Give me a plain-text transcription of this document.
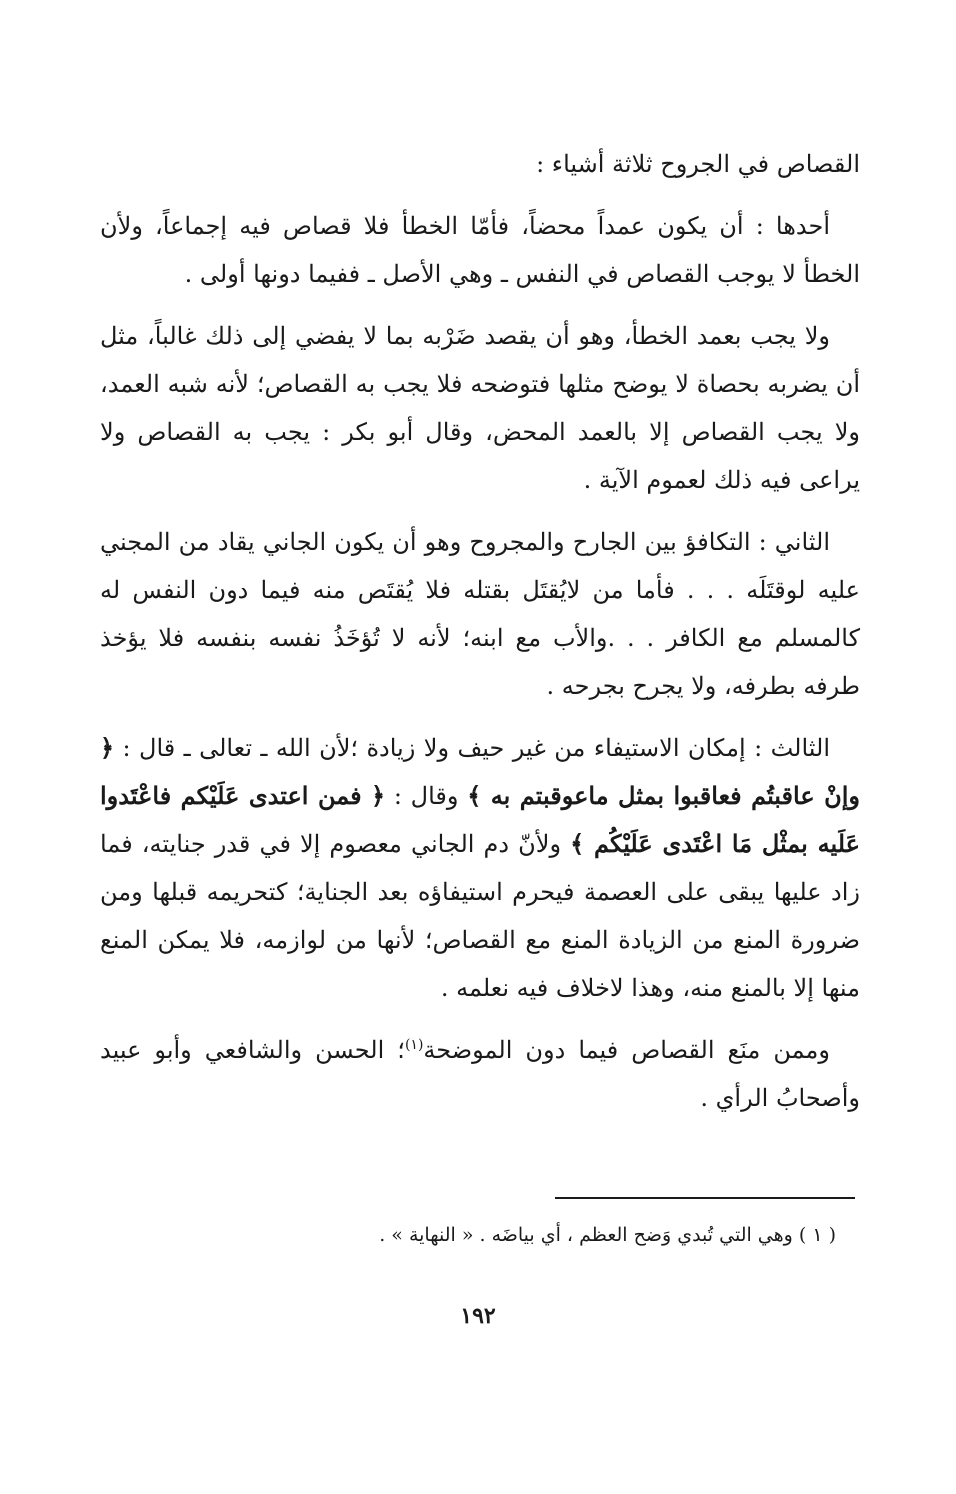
القصاص في الجروح ثلاثة أشياء :

أحدها : أن يكون عمداً محضاً، فأمّا الخطأ فلا قصاص فيه إجماعاً، ولأن الخطأ لا يوجب القصاص في النفس ـ وهي الأصل ـ ففيما دونها أولى .

ولا يجب بعمد الخطأ، وهو أن يقصد ضَرْبه بما لا يفضي إلى ذلك غالباً، مثل أن يضربه بحصاة لا يوضح مثلها فتوضحه فلا يجب به القصاص؛ لأنه شبه العمد، ولا يجب القصاص إلا بالعمد المحض، وقال أبو بكر : يجب به القصاص ولا يراعى فيه ذلك لعموم الآية .

الثاني : التكافؤ بين الجارح والمجروح وهو أن يكون الجاني يقاد من المجني عليه لوقتَلَه . . . فأما من لايُقتَل بقتله فلا يُقتَص منه فيما دون النفس له كالمسلم مع الكافر . . .والأب مع ابنه؛ لأنه لا تُؤخَذُ نفسه بنفسه فلا يؤخذ طرفه بطرفه، ولا يجرح بجرحه .

الثالث : إمكان الاستيفاء من غير حيف ولا زيادة ؛لأن الله ـ تعالى ـ قال : ﴿ وإنْ عاقبتُم فعاقبوا بمثل ماعوقبتم به ﴾ وقال : ﴿ فمن اعتدى عَلَيْكم فاعْتَدوا عَلَيه بمثْل مَا اعْتَدى عَلَيْكُم ﴾ ولأنّ دم الجاني معصوم إلا في قدر جنايته، فما زاد عليها يبقى على العصمة فيحرم استيفاؤه بعد الجناية؛ كتحريمه قبلها ومن ضرورة المنع من الزيادة المنع مع القصاص؛ لأنها من لوازمه، فلا يمكن المنع منها إلا بالمنع منه، وهذا لاخلاف فيه نعلمه .

وممن منَع القصاص فيما دون الموضحة$^{(١)}$؛ الحسن والشافعي وأبو عبيد وأصحابُ الرأي .

( ١ ) وهي التي تُبدي وَضح العظم ، أي بياضَه . « النهاية » .
١٩٢
